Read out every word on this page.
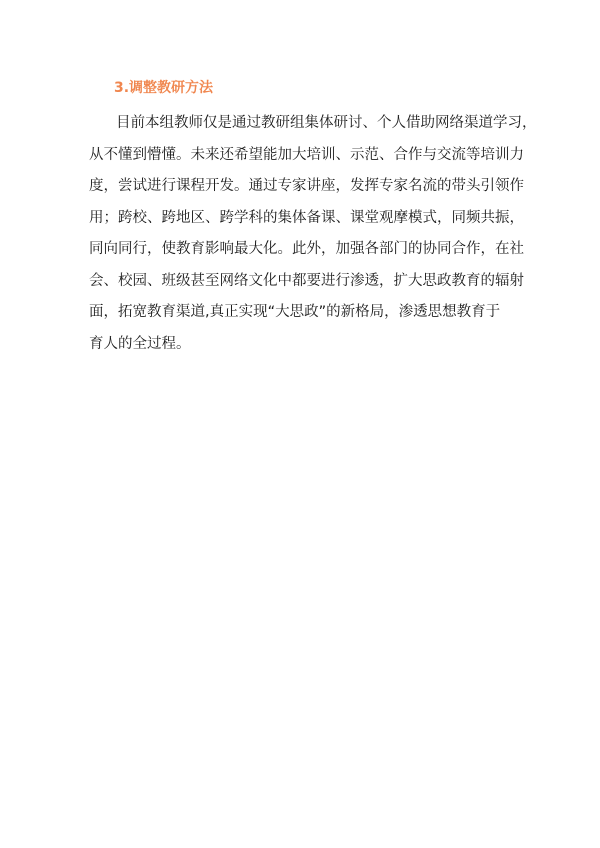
3.调整教研方法

目前本组教师仅是通过教研组集体研讨、个人借助网络渠道学习，
从不懂到懵懂。未来还希望能加大培训、示范、合作与交流等培训力
度，尝试进行课程开发。通过专家讲座，发挥专家名流的带头引领作
用；跨校、跨地区、跨学科的集体备课、课堂观摩模式，同频共振，
同向同行，使教育影响最大化。此外，加强各部门的协同合作，在社
会、校园、班级甚至网络文化中都要进行渗透，扩大思政教育的辐射
面，拓宽教育渠道,真正实现“大思政”的新格局，渗透思想教育于
育人的全过程。
